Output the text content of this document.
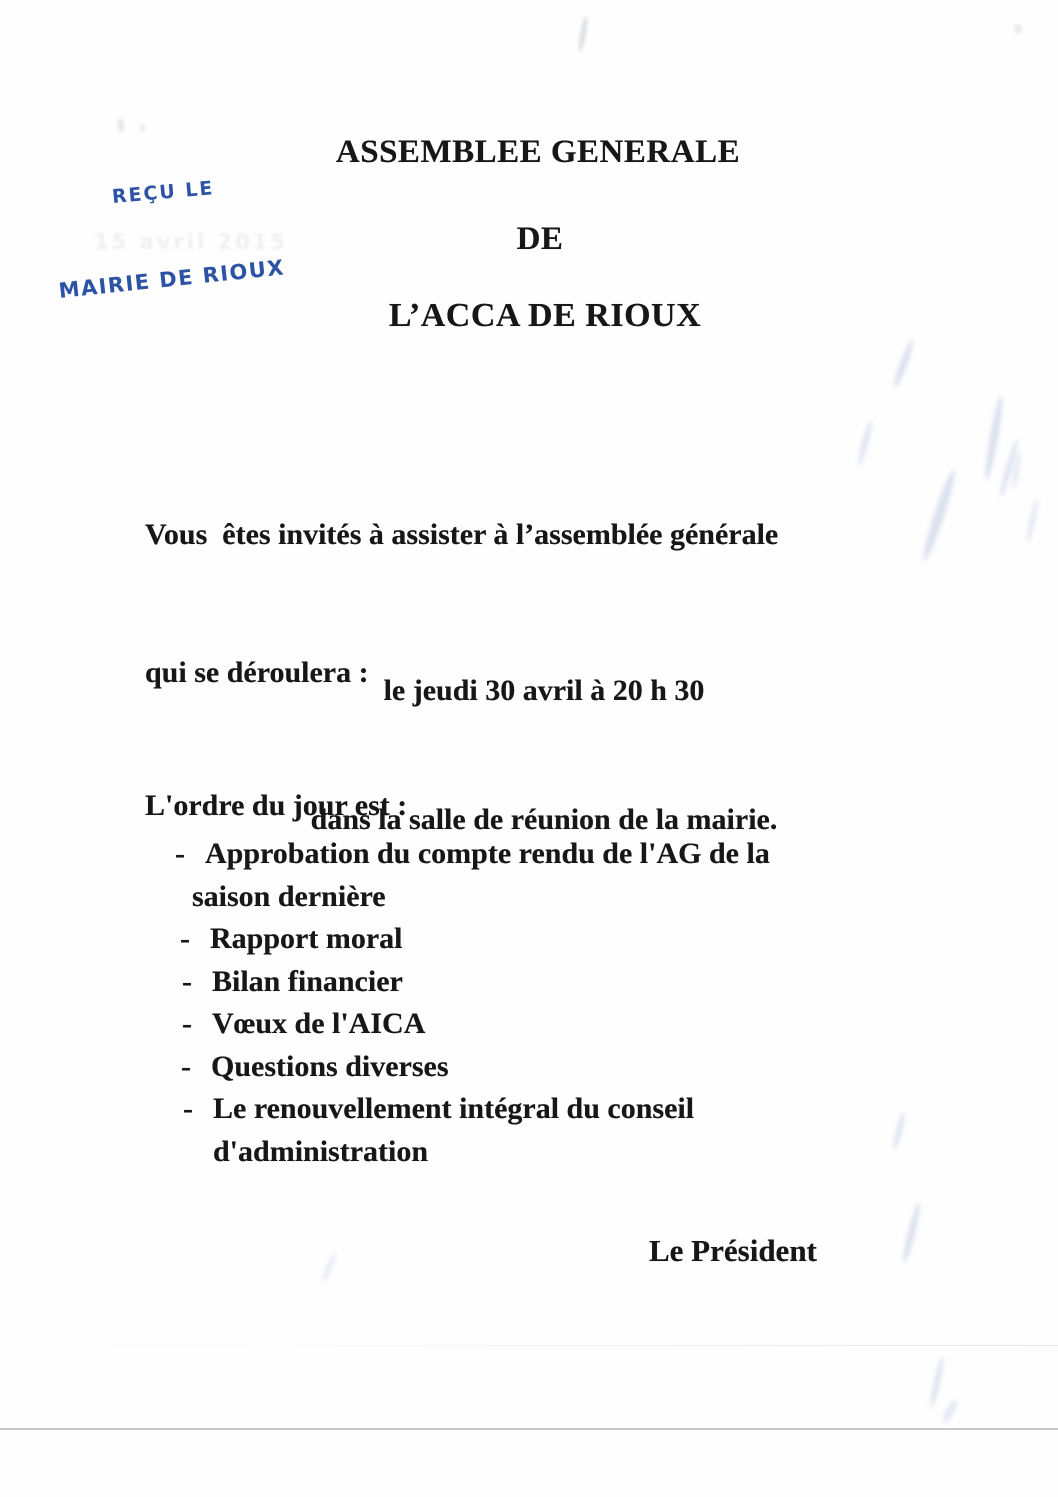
REÇU LE
15 avril 2015
MAIRIE DE RIOUX
ASSEMBLEE GENERALE
DE
L’ACCA DE RIOUX

Vous  êtes invités à assister à l’assemblée générale

qui se déroulera :

le jeudi 30 avril à 20 h 30

dans la salle de réunion de la mairie.

L'ordre du jour est :
- Approbation du compte rendu de l'AG de la
saison dernière
- Rapport moral
- Bilan financier
- Vœux de l'AICA
- Questions diverses
- Le renouvellement intégral du conseil
d'administration
Le Président
